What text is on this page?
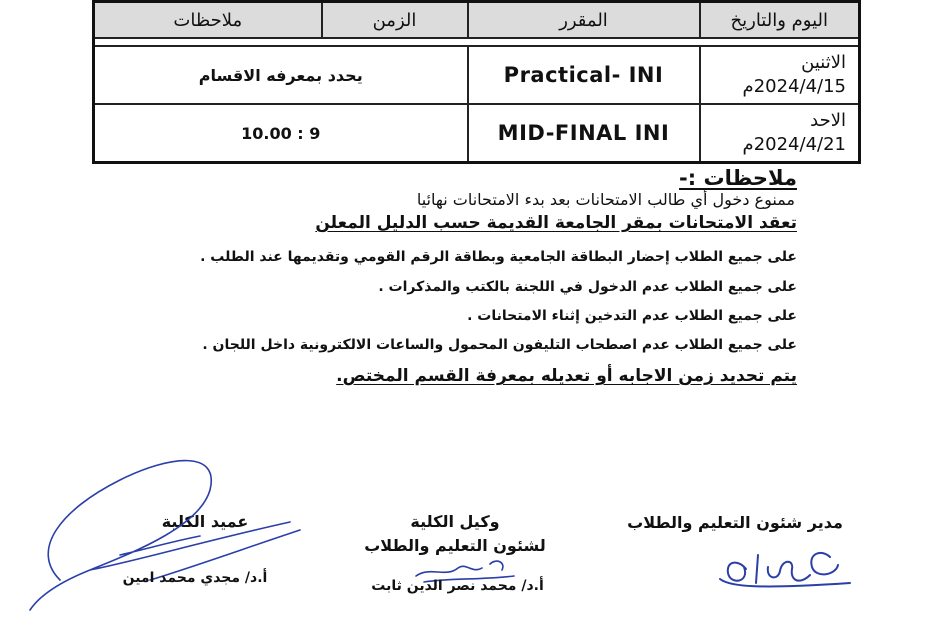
اليوم والتاريخ	المقرر	الزمن	ملاحظات

الاثنين
2024/4/15م	Practical- INI	يحدد بمعرفه الاقسام	

الاحد
2024/4/21م	MID-FINAL INI	10.00 : 9	
ملاحظات :-
ممنوع دخول أي طالب الامتحانات بعد بدء الامتحانات نهائيا
تعقد الامتحانات بمقر الجامعة القديمة حسب الدليل المعلن
على جميع الطلاب إحضار البطاقة الجامعية وبطاقة الرقم القومي وتقديمها عند الطلب .
على جميع الطلاب عدم الدخول في اللجنة بالكتب والمذكرات .
على جميع الطلاب عدم التدخين إثناء الامتحانات .
على جميع الطلاب عدم اصطحاب التليفون المحمول والساعات الالكترونية داخل اللجان .
يتم تحديد زمن الاجابه أو تعديله بمعرفة القسم المختص.
مدير شئون التعليم والطلاب
وكيل الكلية
لشئون التعليم والطلاب
أ.د/ محمد نصر الدين ثابت
عميد الكلية
أ.د/ مجدي محمد امين
